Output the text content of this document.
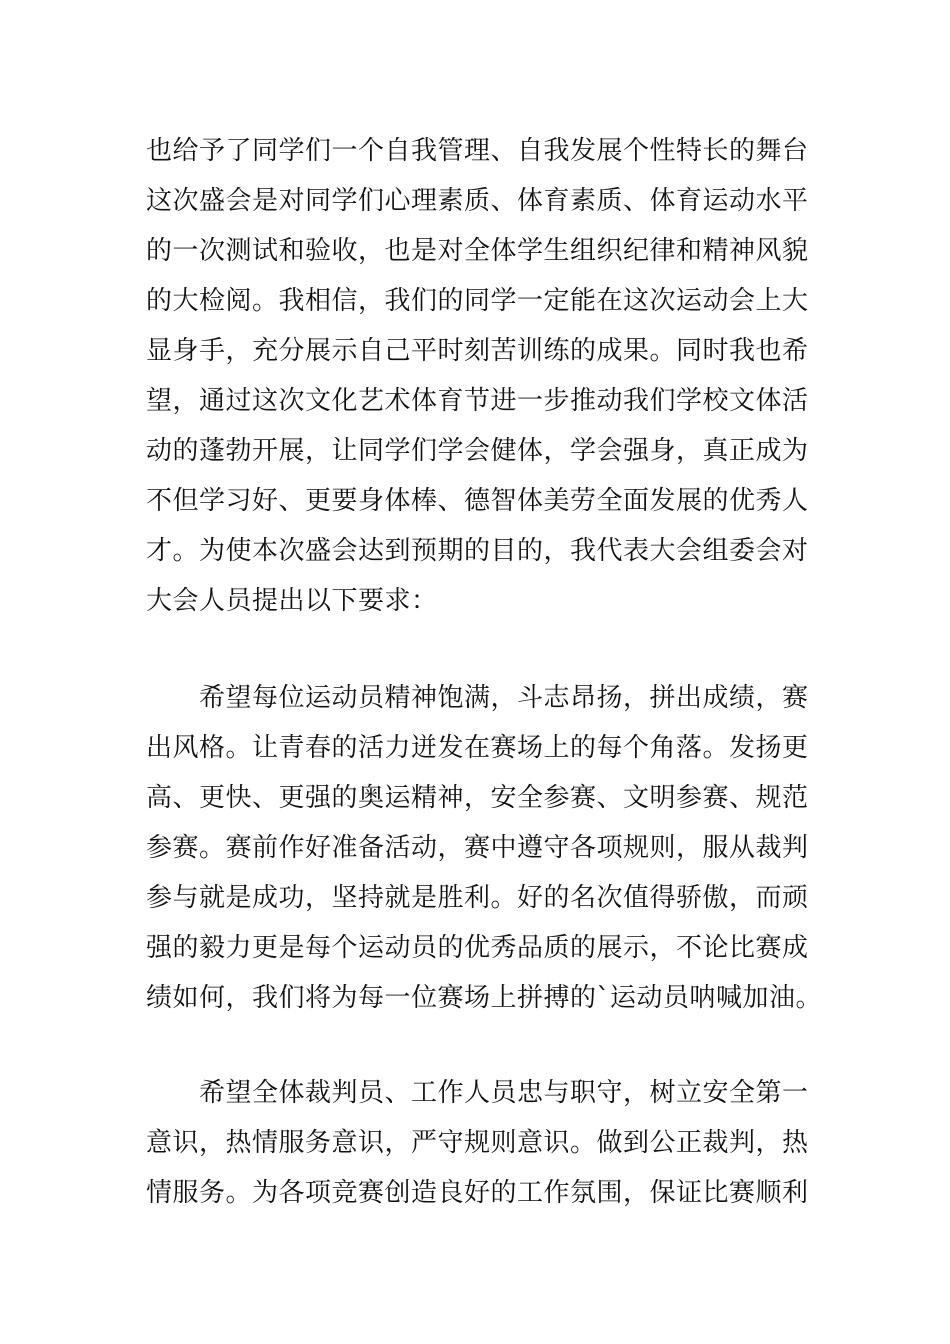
也给予了同学们一个自我管理、自我发展个性特长的舞台
这次盛会是对同学们心理素质、体育素质、体育运动水平
的一次测试和验收，也是对全体学生组织纪律和精神风貌
的大检阅。我相信，我们的同学一定能在这次运动会上大
显身手，充分展示自己平时刻苦训练的成果。同时我也希
望，通过这次文化艺术体育节进一步推动我们学校文体活
动的蓬勃开展，让同学们学会健体，学会强身，真正成为
不但学习好、更要身体棒、德智体美劳全面发展的优秀人
才。为使本次盛会达到预期的目的，我代表大会组委会对
大会人员提出以下要求：
　　希望每位运动员精神饱满，斗志昂扬，拼出成绩，赛
出风格。让青春的活力迸发在赛场上的每个角落。发扬更
高、更快、更强的奥运精神，安全参赛、文明参赛、规范
参赛。赛前作好准备活动，赛中遵守各项规则，服从裁判
参与就是成功，坚持就是胜利。好的名次值得骄傲，而顽
强的毅力更是每个运动员的优秀品质的展示，不论比赛成
绩如何，我们将为每一位赛场上拼搏的`运动员呐喊加油。
　　希望全体裁判员、工作人员忠与职守，树立安全第一
意识，热情服务意识，严守规则意识。做到公正裁判，热
情服务。为各项竞赛创造良好的工作氛围，保证比赛顺利
